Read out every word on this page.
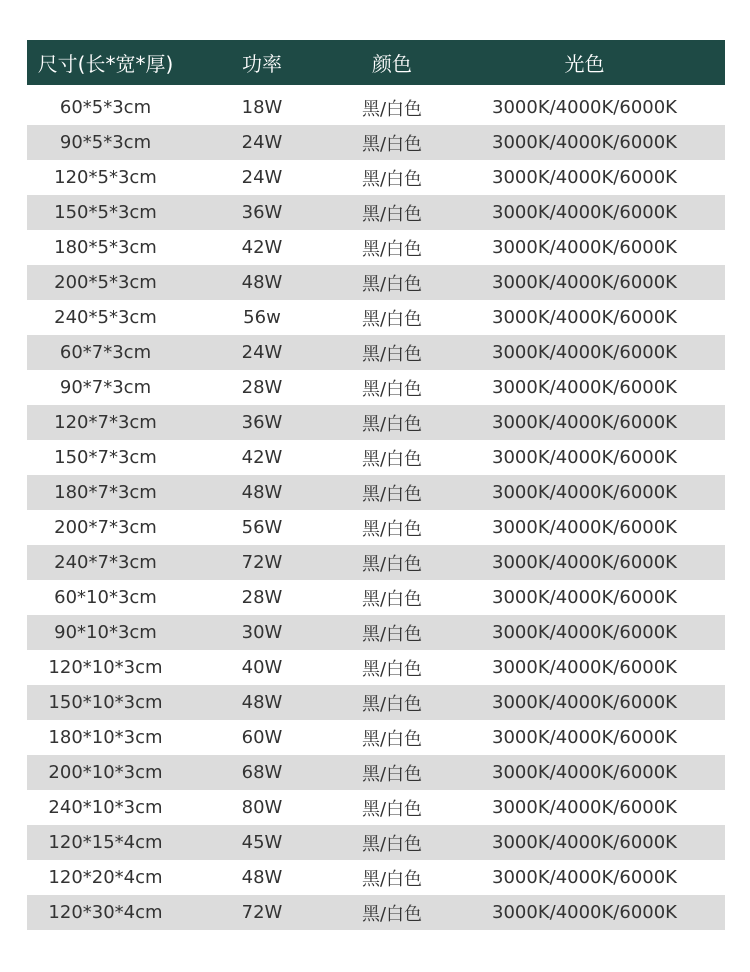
尺寸(长*宽*厚)	功率	颜色	光色
60*5*3cm	18W	黑/白色	3000K/4000K/6000K
90*5*3cm	24W	黑/白色	3000K/4000K/6000K
120*5*3cm	24W	黑/白色	3000K/4000K/6000K
150*5*3cm	36W	黑/白色	3000K/4000K/6000K
180*5*3cm	42W	黑/白色	3000K/4000K/6000K
200*5*3cm	48W	黑/白色	3000K/4000K/6000K
240*5*3cm	56w	黑/白色	3000K/4000K/6000K
60*7*3cm	24W	黑/白色	3000K/4000K/6000K
90*7*3cm	28W	黑/白色	3000K/4000K/6000K
120*7*3cm	36W	黑/白色	3000K/4000K/6000K
150*7*3cm	42W	黑/白色	3000K/4000K/6000K
180*7*3cm	48W	黑/白色	3000K/4000K/6000K
200*7*3cm	56W	黑/白色	3000K/4000K/6000K
240*7*3cm	72W	黑/白色	3000K/4000K/6000K
60*10*3cm	28W	黑/白色	3000K/4000K/6000K
90*10*3cm	30W	黑/白色	3000K/4000K/6000K
120*10*3cm	40W	黑/白色	3000K/4000K/6000K
150*10*3cm	48W	黑/白色	3000K/4000K/6000K
180*10*3cm	60W	黑/白色	3000K/4000K/6000K
200*10*3cm	68W	黑/白色	3000K/4000K/6000K
240*10*3cm	80W	黑/白色	3000K/4000K/6000K
120*15*4cm	45W	黑/白色	3000K/4000K/6000K
120*20*4cm	48W	黑/白色	3000K/4000K/6000K
120*30*4cm	72W	黑/白色	3000K/4000K/6000K
